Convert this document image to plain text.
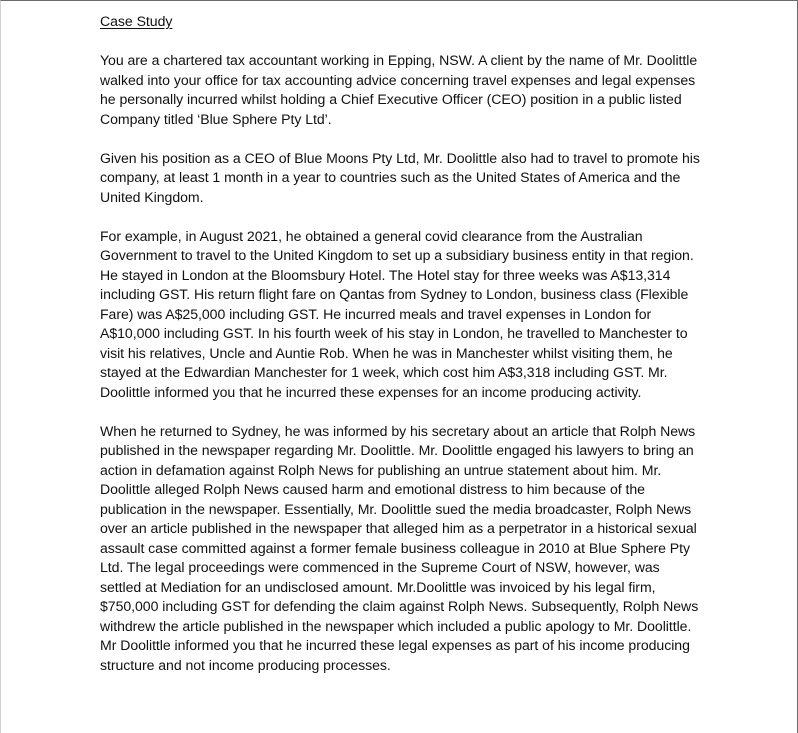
Case Study

You are a chartered tax accountant working in Epping, NSW. A client by the name of Mr. Doolittle walked into your office for tax accounting advice concerning travel expenses and legal expenses he personally incurred whilst holding a Chief Executive Officer (CEO) position in a public listed Company titled ‘Blue Sphere Pty Ltd’.

Given his position as a CEO of Blue Moons Pty Ltd, Mr. Doolittle also had to travel to promote his company, at least 1 month in a year to countries such as the United States of America and the United Kingdom.

For example, in August 2021, he obtained a general covid clearance from the Australian Government to travel to the United Kingdom to set up a subsidiary business entity in that region. He stayed in London at the Bloomsbury Hotel. The Hotel stay for three weeks was A$13,314 including GST. His return flight fare on Qantas from Sydney to London, business class (Flexible Fare) was A$25,000 including GST. He incurred meals and travel expenses in London for A$10,000 including GST. In his fourth week of his stay in London, he travelled to Manchester to visit his relatives, Uncle and Auntie Rob. When he was in Manchester whilst visiting them, he stayed at the Edwardian Manchester for 1 week, which cost him A$3,318 including GST. Mr. Doolittle informed you that he incurred these expenses for an income producing activity.

When he returned to Sydney, he was informed by his secretary about an article that Rolph News published in the newspaper regarding Mr. Doolittle. Mr. Doolittle engaged his lawyers to bring an action in defamation against Rolph News for publishing an untrue statement about him. Mr. Doolittle alleged Rolph News caused harm and emotional distress to him because of the publication in the newspaper. Essentially, Mr. Doolittle sued the media broadcaster, Rolph News over an article published in the newspaper that alleged him as a perpetrator in a historical sexual assault case committed against a former female business colleague in 2010 at Blue Sphere Pty Ltd. The legal proceedings were commenced in the Supreme Court of NSW, however, was settled at Mediation for an undisclosed amount. Mr.Doolittle was invoiced by his legal firm, $750,000 including GST for defending the claim against Rolph News. Subsequently, Rolph News withdrew the article published in the newspaper which included a public apology to Mr. Doolittle. Mr Doolittle informed you that he incurred these legal expenses as part of his income producing structure and not income producing processes.
